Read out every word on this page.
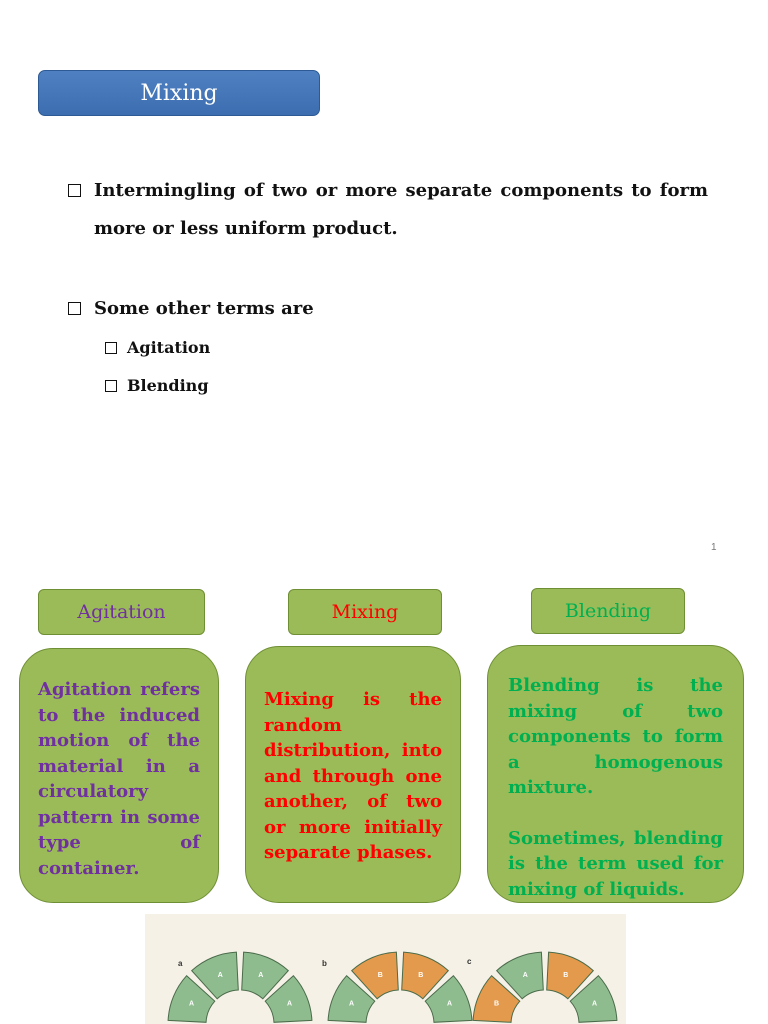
Mixing
Intermingling of two or more separate components to form more or less uniform product.
Some other terms are
Agitation
Blending
1
Agitation	Mixing	Blending

Agitation refers to the induced motion of the material in a circulatory pattern in some type of container.

Mixing is the random distribution, into and through one another, of two or more initially separate phases.

Blending is the mixing of two components to form a homogenous mixture.

Sometimes, blending is the term used for mixing of liquids.

a
A
A	A
A
b
A
B	B
A
c
B
A	B
A
